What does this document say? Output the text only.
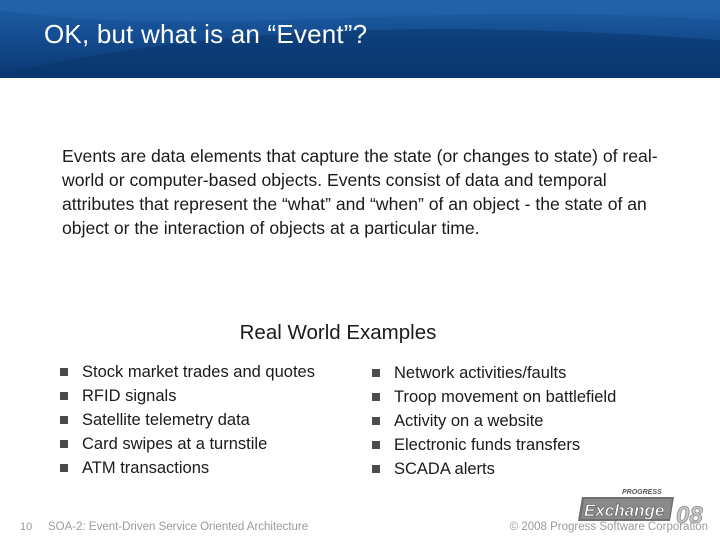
OK, but what is an “Event”?
Events are data elements that capture the state (or changes to state) of real-world or computer-based objects. Events consist of data and temporal attributes that represent the “what” and “when” of an object - the state of an object or the interaction of objects at a particular time.
Real World Examples
Stock market trades and quotes
RFID signals
Satellite telemetry data
Card swipes at a turnstile
ATM transactions
Network activities/faults
Troop movement on battlefield
Activity on a website
Electronic funds transfers
SCADA alerts
PROGRESS
Exchange 08
10 SOA-2: Event-Driven Service Oriented Architecture	© 2008 Progress Software Corporation
